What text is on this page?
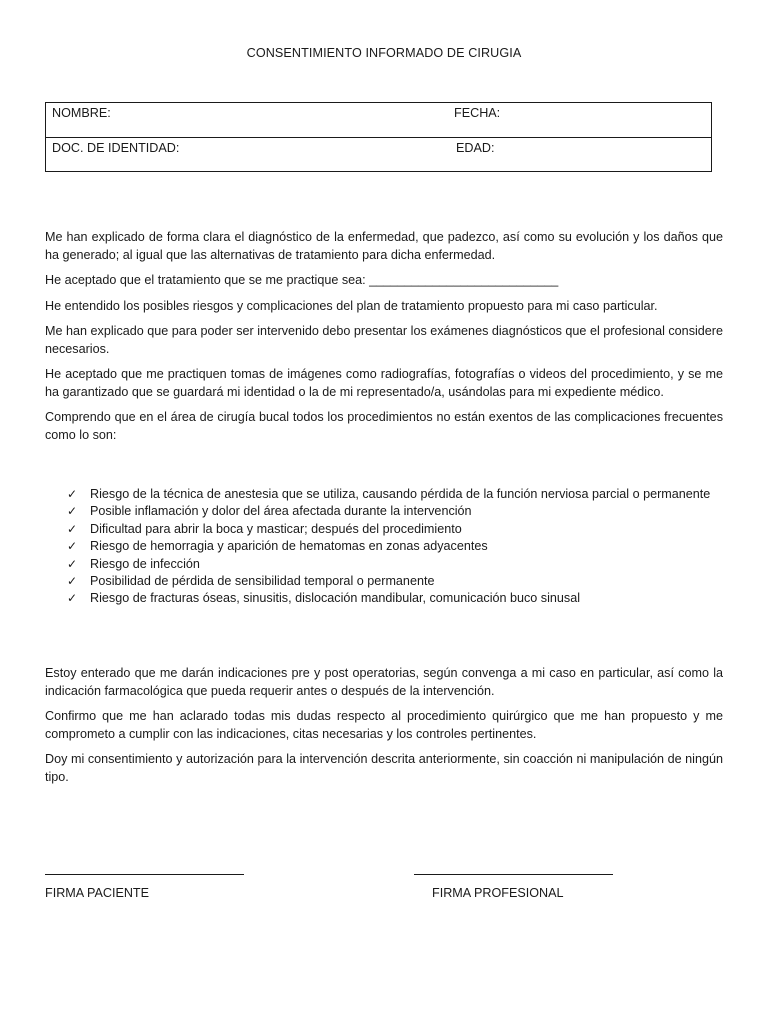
CONSENTIMIENTO INFORMADO DE CIRUGIA
NOMBRE:	FECHA:
DOC. DE IDENTIDAD:	EDAD:

Me han explicado de forma clara el diagnóstico de la enfermedad, que padezco, así como su evolución y los daños que ha generado; al igual que las alternativas de tratamiento para dicha enfermedad.

He aceptado que el tratamiento que se me practique sea: ___________________________

He entendido los posibles riesgos y complicaciones del plan de tratamiento propuesto para mi caso particular.

Me han explicado que para poder ser intervenido debo presentar los exámenes diagnósticos que el profesional considere necesarios.

He aceptado que me practiquen tomas de imágenes como radiografías, fotografías o videos del procedimiento, y se me ha garantizado que se guardará mi identidad o la de mi representado/a, usándolas para mi expediente médico.

Comprendo que en el área de cirugía bucal todos los procedimientos no están exentos de las complicaciones frecuentes como lo son:

✓ Riesgo de la técnica de anestesia que se utiliza, causando pérdida de la función nerviosa parcial o permanente
✓ Posible inflamación y dolor del área afectada durante la intervención
✓ Dificultad para abrir la boca y masticar; después del procedimiento
✓ Riesgo de hemorragia y aparición de hematomas en zonas adyacentes
✓ Riesgo de infección
✓ Posibilidad de pérdida de sensibilidad temporal o permanente
✓ Riesgo de fracturas óseas, sinusitis, dislocación mandibular, comunicación buco sinusal

Estoy enterado que me darán indicaciones pre y post operatorias, según convenga a mi caso en particular, así como la indicación farmacológica que pueda requerir antes o después de la intervención.

Confirmo que me han aclarado todas mis dudas respecto al procedimiento quirúrgico que me han propuesto y me comprometo a cumplir con las indicaciones, citas necesarias y los controles pertinentes.

Doy mi consentimiento y autorización para la intervención descrita anteriormente, sin coacción ni manipulación de ningún tipo.

FIRMA PACIENTE	FIRMA PROFESIONAL
